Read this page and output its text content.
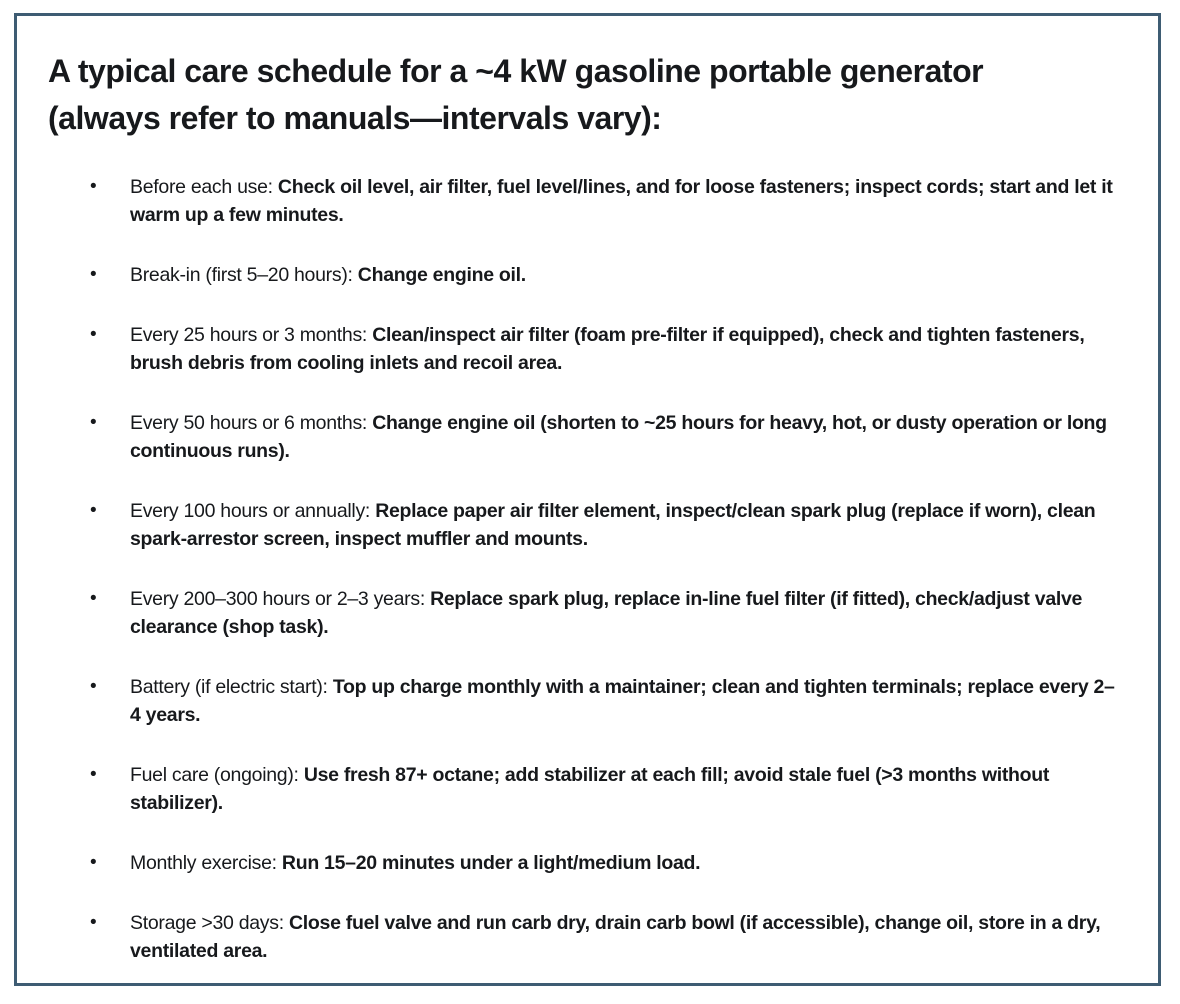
A typical care schedule for a ~4 kW gasoline portable generator (always refer to manuals—intervals vary):
•	Before each use: Check oil level, air filter, fuel level/lines, and for loose fasteners; inspect cords; start and let it warm up a few minutes.
•	Break-in (first 5–20 hours): Change engine oil.
•	Every 25 hours or 3 months: Clean/inspect air filter (foam pre-filter if equipped), check and tighten fasteners, brush debris from cooling inlets and recoil area.
•	Every 50 hours or 6 months: Change engine oil (shorten to ~25 hours for heavy, hot, or dusty operation or long continuous runs).
•	Every 100 hours or annually: Replace paper air filter element, inspect/clean spark plug (replace if worn), clean spark-arrestor screen, inspect muffler and mounts.
•	Every 200–300 hours or 2–3 years: Replace spark plug, replace in-line fuel filter (if fitted), check/adjust valve clearance (shop task).
•	Battery (if electric start): Top up charge monthly with a maintainer; clean and tighten terminals; replace every 2–4 years.
•	Fuel care (ongoing): Use fresh 87+ octane; add stabilizer at each fill; avoid stale fuel (>3 months without stabilizer).
•	Monthly exercise: Run 15–20 minutes under a light/medium load.
•	Storage >30 days: Close fuel valve and run carb dry, drain carb bowl (if accessible), change oil, store in a dry, ventilated area.
